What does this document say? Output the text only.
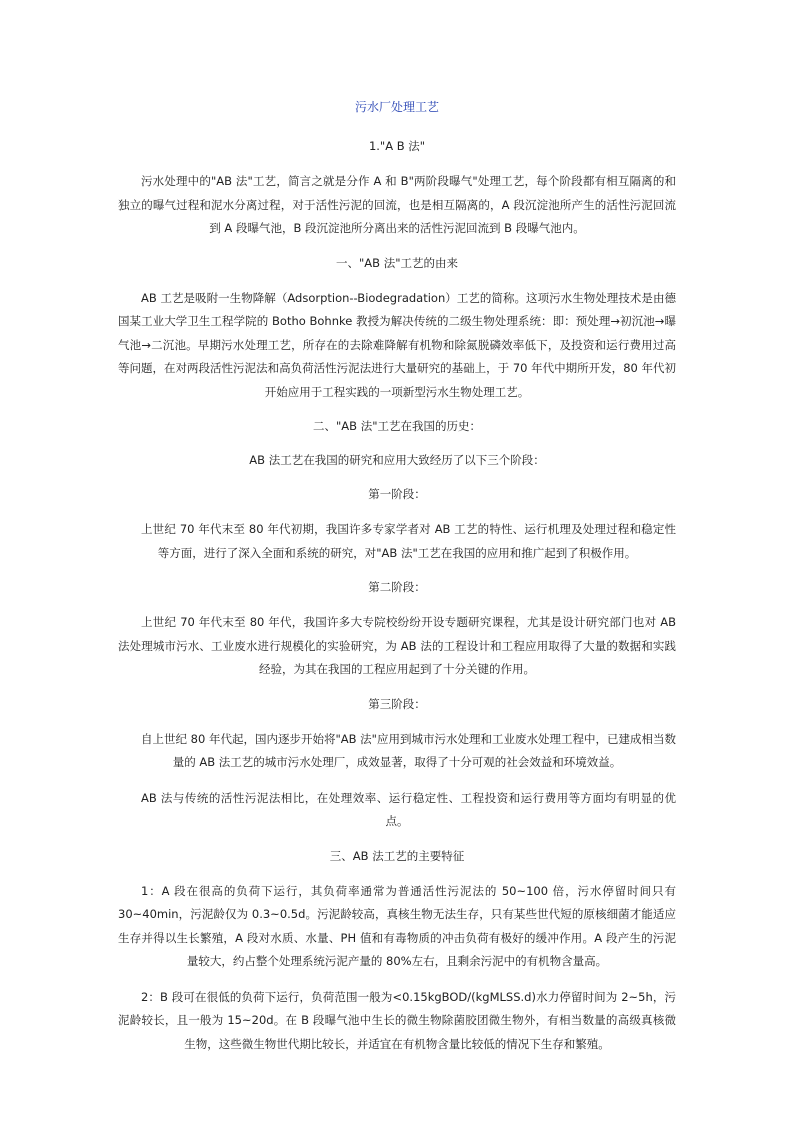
污水厂处理工艺
1."A B 法"

污水处理中的"AB 法"工艺，简言之就是分作 A 和 B"两阶段曝气"处理工艺，每个阶段都有相互隔离的和独立的曝气过程和泥水分离过程，对于活性污泥的回流，也是相互隔离的，A 段沉淀池所产生的活性污泥回流到 A 段曝气池，B 段沉淀池所分离出来的活性污泥回流到 B 段曝气池内。

一、"AB 法"工艺的由来

AB 工艺是吸附一生物降解（Adsorption--Biodegradation）工艺的简称。这项污水生物处理技术是由德国某工业大学卫生工程学院的 Botho Bohnke 教授为解决传统的二级生物处理系统：即：预处理→初沉池→曝气池→二沉池。早期污水处理工艺，所存在的去除难降解有机物和除氮脱磷效率低下，及投资和运行费用过高等问题，在对两段活性污泥法和高负荷活性污泥法进行大量研究的基础上，于 70 年代中期所开发，80 年代初开始应用于工程实践的一项新型污水生物处理工艺。

二、"AB 法"工艺在我国的历史：
AB 法工艺在我国的研究和应用大致经历了以下三个阶段：
第一阶段：

上世纪 70 年代末至 80 年代初期，我国许多专家学者对 AB 工艺的特性、运行机理及处理过程和稳定性等方面，进行了深入全面和系统的研究，对"AB 法"工艺在我国的应用和推广起到了积极作用。

第二阶段：

上世纪 70 年代末至 80 年代，我国许多大专院校纷纷开设专题研究课程，尤其是设计研究部门也对 AB 法处理城市污水、工业废水进行规模化的实验研究，为 AB 法的工程设计和工程应用取得了大量的数据和实践经验，为其在我国的工程应用起到了十分关键的作用。

第三阶段：

自上世纪 80 年代起，国内逐步开始将"AB 法"应用到城市污水处理和工业废水处理工程中，已建成相当数量的 AB 法工艺的城市污水处理厂，成效显著，取得了十分可观的社会效益和环境效益。

AB 法与传统的活性污泥法相比，在处理效率、运行稳定性、工程投资和运行费用等方面均有明显的优点。

三、AB 法工艺的主要特征

1：A 段在很高的负荷下运行，其负荷率通常为普通活性污泥法的 50~100 倍，污水停留时间只有 30~40min，污泥龄仅为 0.3~0.5d。污泥龄较高，真核生物无法生存，只有某些世代短的原核细菌才能适应生存并得以生长繁殖，A 段对水质、水量、PH 值和有毒物质的冲击负荷有极好的缓冲作用。A 段产生的污泥量较大，约占整个处理系统污泥产量的 80%左右，且剩余污泥中的有机物含量高。

2：B 段可在很低的负荷下运行，负荷范围一般为<0.15kgBOD/(kgMLSS.d)水力停留时间为 2~5h，污泥龄较长，且一般为 15~20d。在 B 段曝气池中生长的微生物除菌胶团微生物外，有相当数量的高级真核微生物，这些微生物世代期比较长，并适宜在有机物含量比较低的情况下生存和繁殖。
